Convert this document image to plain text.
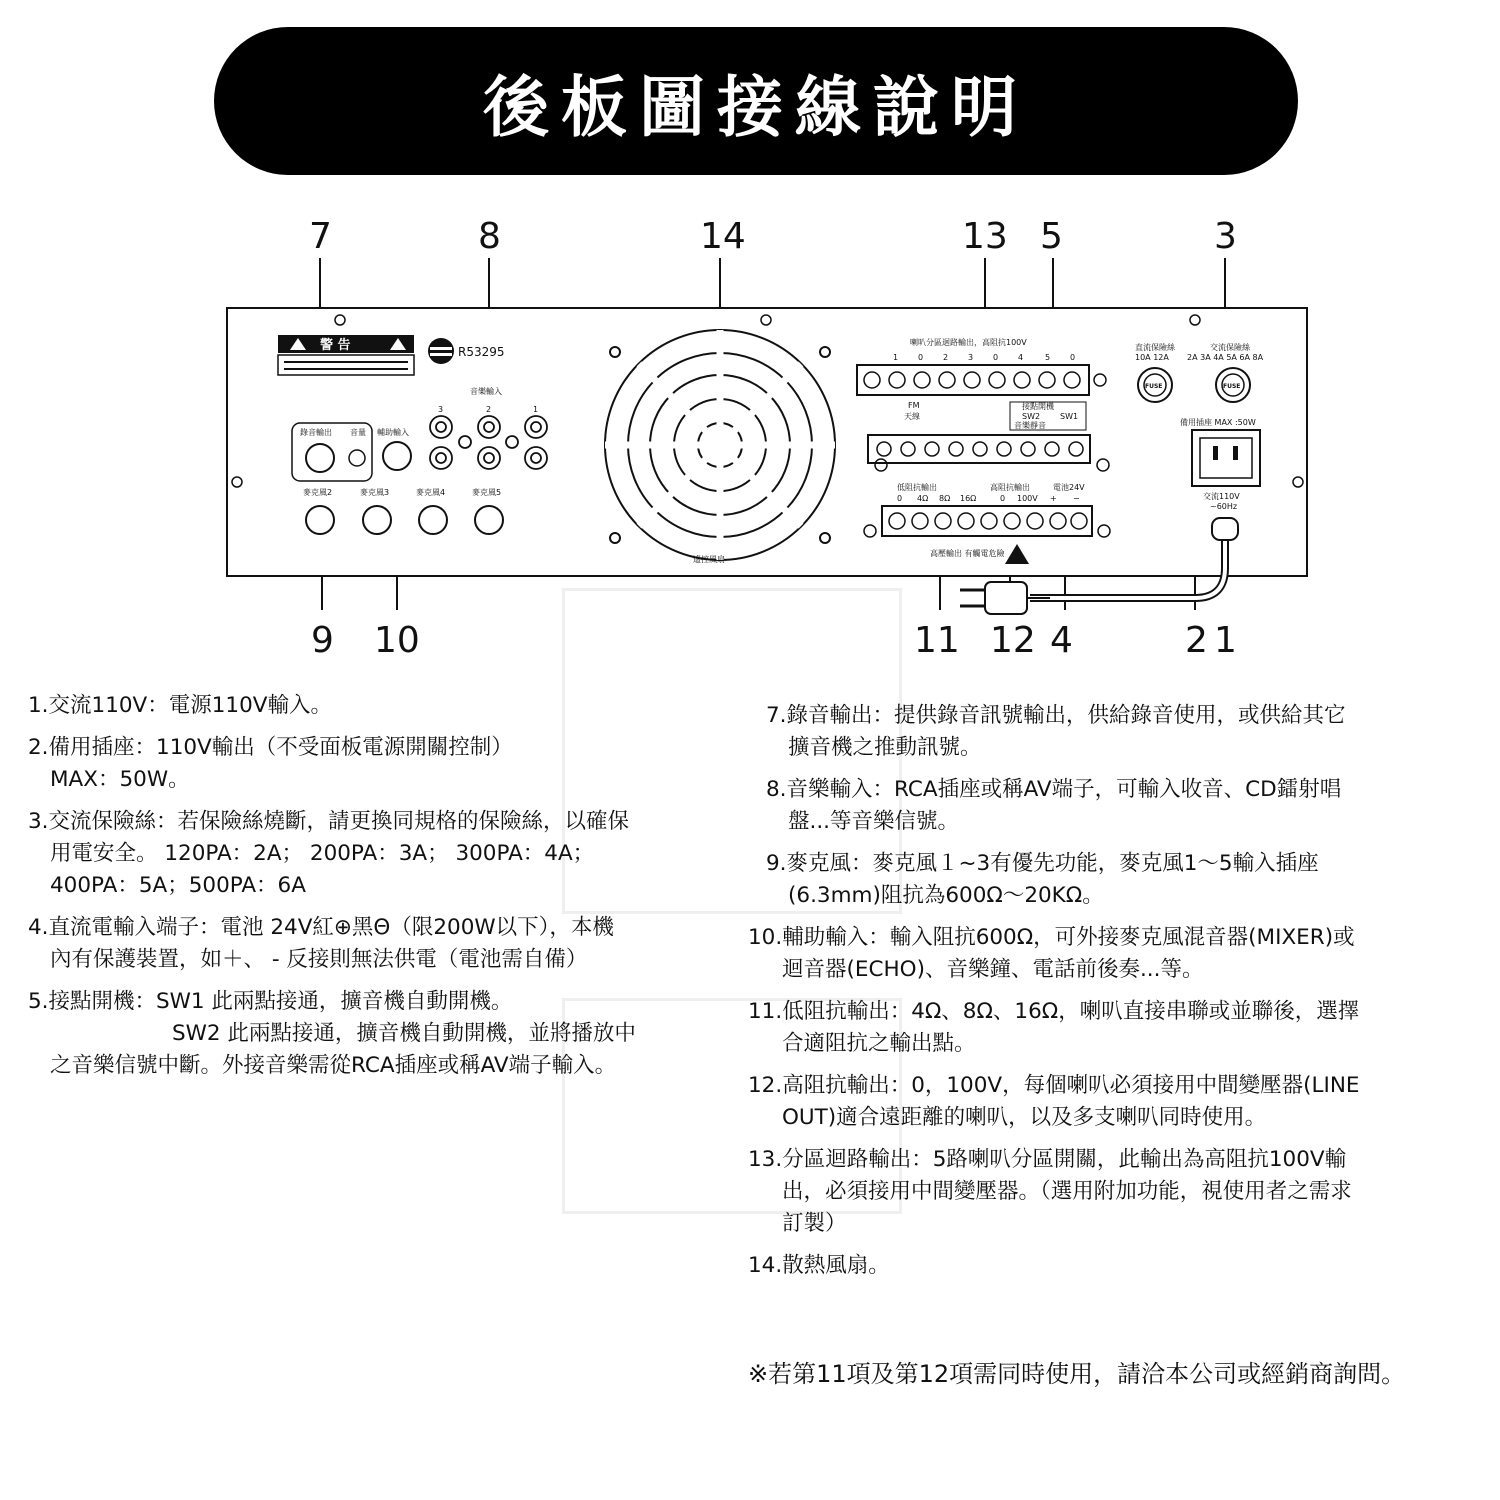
後板圖接線說明
7	8	14	13 5	3
9 10	11 12 4	2 1
警 告	R53295
音樂輸入
3	2	1
錄音輸出 音量 輔助輸入
麥克風2	麥克風3	麥克風4	麥克風5
遙控風扇
喇叭分區迴路輸出，高阻抗100V
1 0 2 3 0 4	5 0
FM
天線
接點開機
SW2 SW1
音樂靜音
低阻抗輸出	高阻抗輸出	電池24V
0 4Ω 8Ω 16Ω	0 100V + −
高壓輸出 有觸電危險
直流保險絲
10A 12A
交流保險絲
2A 3A 4A 5A 6A 8A
FUSE	FUSE
備用插座 MAX :50W
交流110V
~60Hz

1.交流110V：電源110V輸入。

2.備用插座：110V輸出（不受面板電源開關控制）
MAX：50W。

3.交流保險絲：若保險絲燒斷，請更換同規格的保險絲，以確保
用電安全。 120PA：2A； 200PA：3A； 300PA：4A；
400PA：5A；500PA：6A

4.直流電輸入端子：電池 24V紅⊕黑Θ（限200W以下），本機
內有保護裝置，如＋、 - 反接則無法供電（電池需自備）

5.接點開機：SW1 此兩點接通，擴音機自動開機。
SW2 此兩點接通，擴音機自動開機，並將播放中
之音樂信號中斷。外接音樂需從RCA插座或稱AV端子輸入。

7.錄音輸出：提供錄音訊號輸出，供給錄音使用，或供給其它
擴音機之推動訊號。

8.音樂輸入：RCA插座或稱AV端子，可輸入收音、CD鐳射唱
盤...等音樂信號。

9.麥克風：麥克風１~3有優先功能，麥克風1～5輸入插座
(6.3mm)阻抗為600Ω～20KΩ。

10.輔助輸入：輸入阻抗600Ω，可外接麥克風混音器(MIXER)或
迴音器(ECHO)、音樂鐘、電話前後奏...等。

11.低阻抗輸出：4Ω、8Ω、16Ω，喇叭直接串聯或並聯後，選擇
合適阻抗之輸出點。

12.高阻抗輸出：0，100V，每個喇叭必須接用中間變壓器(LINE
OUT)適合遠距離的喇叭，以及多支喇叭同時使用。

13.分區迴路輸出：5路喇叭分區開關，此輸出為高阻抗100V輸
出，必須接用中間變壓器。（選用附加功能，視使用者之需求
訂製）

14.散熱風扇。

※若第11項及第12項需同時使用，請洽本公司或經銷商詢問。
